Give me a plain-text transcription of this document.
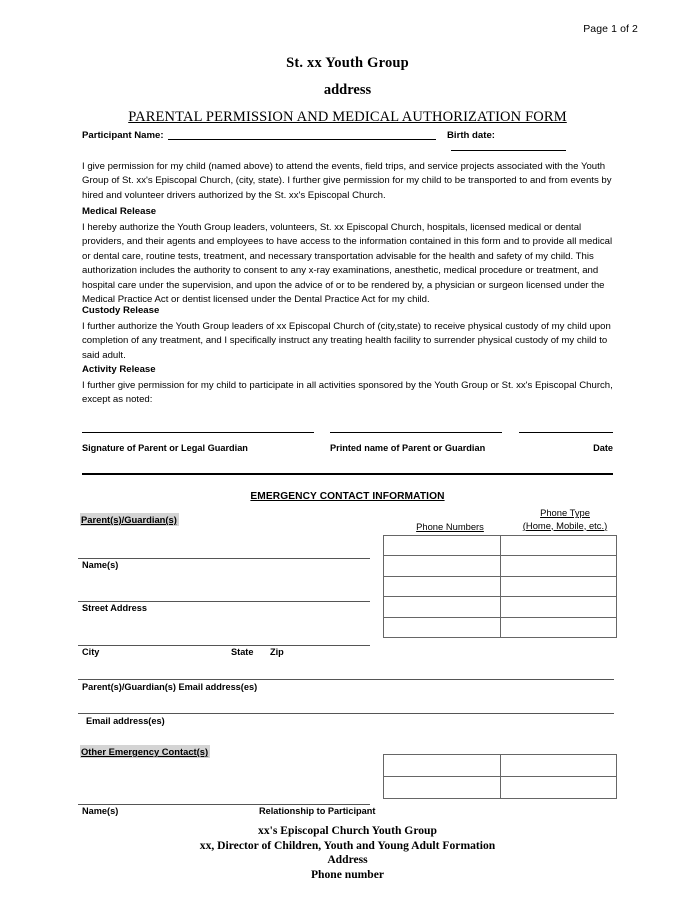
Page 1 of 2
St. xx Youth Group
address
PARENTAL PERMISSION AND MEDICAL AUTHORIZATION FORM
Participant Name:	Birth date:
I give permission for my child (named above) to attend the events, field trips, and service projects associated with the Youth Group of St. xx's Episcopal Church, (city, state). I further give permission for my child to be transported to and from events by hired and volunteer drivers authorized by the St. xx's Episcopal Church.
Medical Release
I hereby authorize the Youth Group leaders, volunteers, St. xx Episcopal Church, hospitals, licensed medical or dental providers, and their agents and employees to have access to the information contained in this form and to provide all medical or dental care, routine tests, treatment, and necessary transportation advisable for the health and safety of my child. This authorization includes the authority to consent to any x-ray examinations, anesthetic, medical procedure or treatment, and hospital care under the supervision, and upon the advice of or to be rendered by, a physician or surgeon licensed under the Medical Practice Act or dentist licensed under the Dental Practice Act for my child.
Custody Release
I further authorize the Youth Group leaders of xx Episcopal Church of (city,state) to receive physical custody of my child upon completion of any treatment, and I specifically instruct any treating health facility to surrender physical custody of my child to said adult.
Activity Release
I further give permission for my child to participate in all activities sponsored by the Youth Group or St. xx's Episcopal Church, except as noted:
Signature of Parent or Legal Guardian	Printed name of Parent or Guardian	Date
EMERGENCY CONTACT INFORMATION
Parent(s)/Guardian(s)
Name(s)
Street Address
City	State Zip
Phone Numbers
Phone Type
(Home, Mobile, etc.)

Parent(s)/Guardian(s) Email address(es)
Email address(es)
Other Emergency Contact(s)

Name(s)	Relationship to Participant
xx's Episcopal Church Youth Group
xx, Director of Children, Youth and Young Adult Formation
Address
Phone number
